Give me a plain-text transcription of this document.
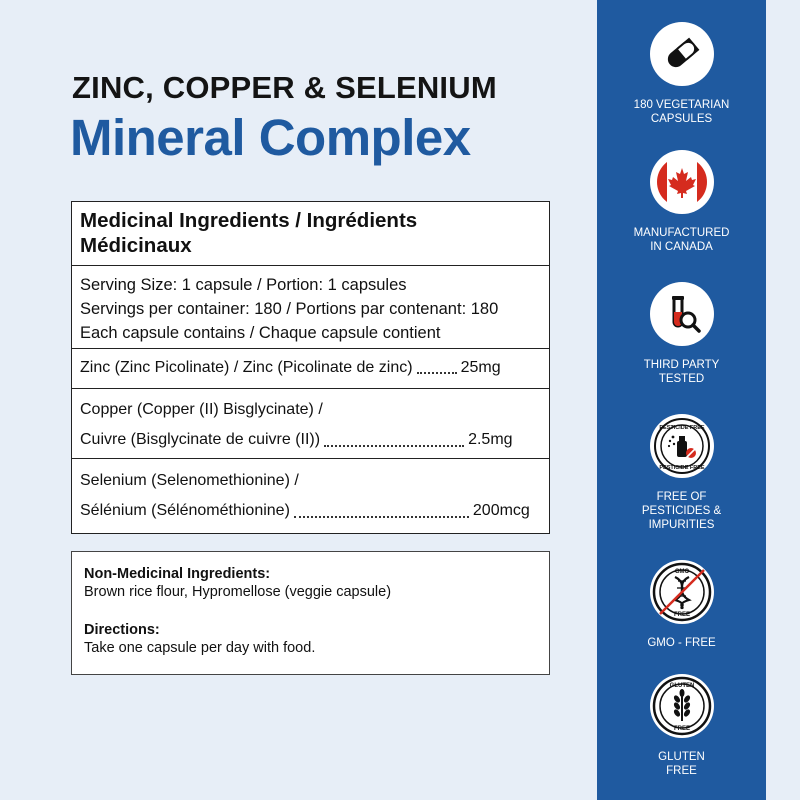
ZINC, COPPER & SELENIUM
Mineral Complex
Medicinal Ingredients / Ingrédients
Médicinaux
Serving Size: 1 capsule / Portion: 1 capsules
Servings per container: 180 / Portions par contenant: 180
Each capsule contains / Chaque capsule contient
Zinc (Zinc Picolinate) / Zinc (Picolinate de zinc)	25mg
Copper (Copper (II) Bisglycinate) /
Cuivre (Bisglycinate de cuivre (II))	2.5mg
Selenium (Selenomethionine) /
Sélénium (Sélénométhionine)	200mcg
Non-Medicinal Ingredients:
Brown rice flour, Hypromellose (veggie capsule)
Directions:
Take one capsule per day with food.
180 VEGETARIAN
CAPSULES
MANUFACTURED
IN CANADA
THIRD PARTY
TESTED
PESTICIDE FREE
PESTICIDE FREE
FREE OF
PESTICIDES &
IMPURITIES
GMO
FREE
GMO - FREE
GLUTEN
FREE
GLUTEN
FREE
